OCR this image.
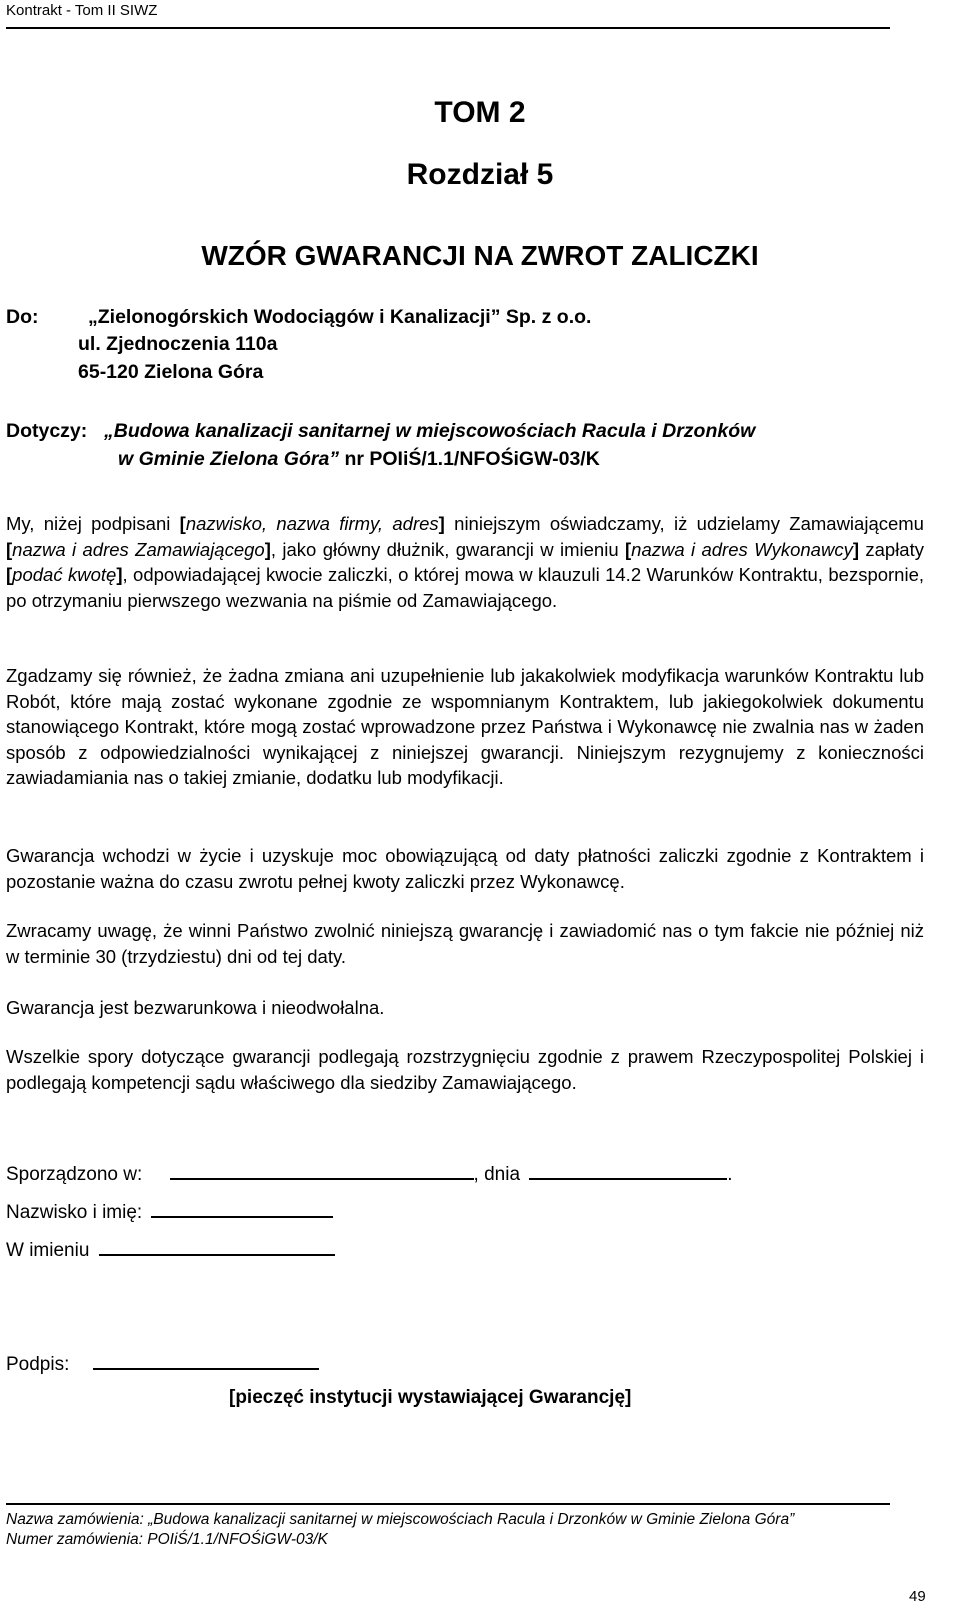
Kontrakt - Tom II SIWZ
TOM 2
Rozdział 5
WZÓR GWARANCJI NA ZWROT ZALICZKI
Do:	„Zielonogórskich Wodociągów i Kanalizacji” Sp. z o.o.
ul. Zjednoczenia 110a
65-120 Zielona Góra
Dotyczy: „Budowa kanalizacji sanitarnej w miejscowościach Racula i Drzonków
w Gminie Zielona Góra” nr POIiŚ/1.1/NFOŚiGW-03/K
My, niżej podpisani [nazwisko, nazwa firmy, adres] niniejszym oświadczamy, iż udzielamy Zamawiającemu [nazwa i adres Zamawiającego], jako główny dłużnik, gwarancji w imieniu [nazwa i adres Wykonawcy] zapłaty [podać kwotę], odpowiadającej kwocie zaliczki, o której mowa w klauzuli 14.2 Warunków Kontraktu, bezspornie, po otrzymaniu pierwszego wezwania na piśmie od Zamawiającego.
Zgadzamy się również, że żadna zmiana ani uzupełnienie lub jakakolwiek modyfikacja warunków Kontraktu lub Robót, które mają zostać wykonane zgodnie ze wspomnianym Kontraktem, lub jakiegokolwiek dokumentu stanowiącego Kontrakt, które mogą zostać wprowadzone przez Państwa i Wykonawcę nie zwalnia nas w żaden sposób z odpowiedzialności wynikającej z niniejszej gwarancji. Niniejszym rezygnujemy z konieczności zawiadamiania nas o takiej zmianie, dodatku lub modyfikacji.
Gwarancja wchodzi w życie i uzyskuje moc obowiązującą od daty płatności zaliczki zgodnie z Kontraktem i pozostanie ważna do czasu zwrotu pełnej kwoty zaliczki przez Wykonawcę.
Zwracamy uwagę, że winni Państwo zwolnić niniejszą gwarancję i zawiadomić nas o tym fakcie nie później niż w terminie 30 (trzydziestu) dni od tej daty.
Gwarancja jest bezwarunkowa i nieodwołalna.
Wszelkie spory dotyczące gwarancji podlegają rozstrzygnięciu zgodnie z prawem Rzeczypospolitej Polskiej i podlegają kompetencji sądu właściwego dla siedziby Zamawiającego.
Sporządzono w:	, dnia	.
Nazwisko i imię:
W imieniu
Podpis:
[pieczęć instytucji wystawiającej Gwarancję]
Nazwa zamówienia: „Budowa kanalizacji sanitarnej w miejscowościach Racula i Drzonków w Gminie Zielona Góra”
Numer zamówienia: POIiŚ/1.1/NFOŚiGW-03/K
49
